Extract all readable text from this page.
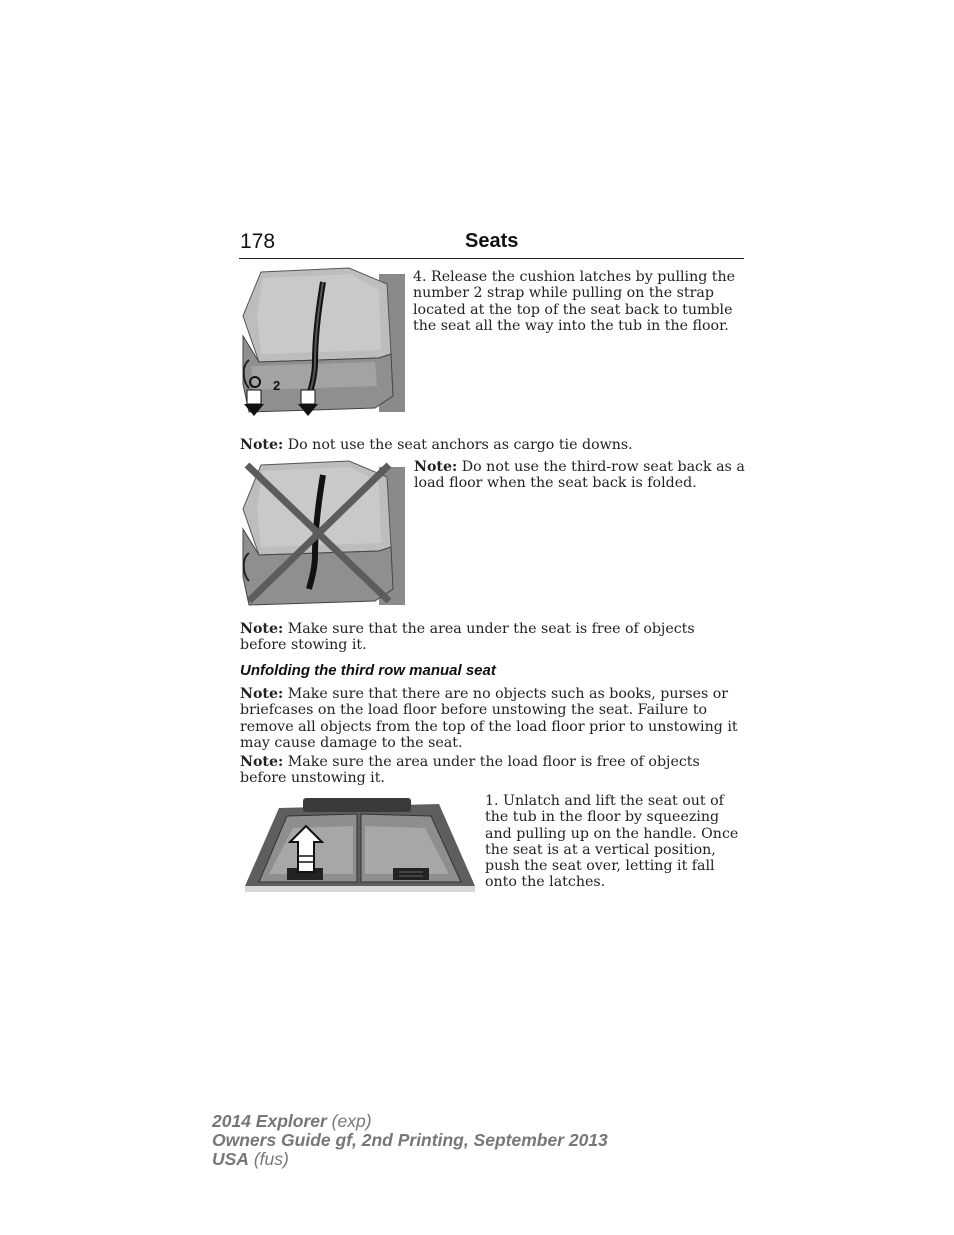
178	Seats
2
4. Release the cushion latches by pulling the number 2 strap while pulling on the strap located at the top of the seat back to tumble the seat all the way into the tub in the floor.
Note: Do not use the seat anchors as cargo tie downs.
Note: Do not use the third-row seat back as a load floor when the seat back is folded.
Note: Make sure that the area under the seat is free of objects before stowing it.
Unfolding the third row manual seat
Note: Make sure that there are no objects such as books, purses or briefcases on the load floor before unstowing the seat. Failure to remove all objects from the top of the load floor prior to unstowing it may cause damage to the seat.
Note: Make sure the area under the load floor is free of objects before unstowing it.
1. Unlatch and lift the seat out of the tub in the floor by squeezing and pulling up on the handle. Once the seat is at a vertical position, push the seat over, letting it fall onto the latches.
2014 Explorer (exp)
Owners Guide gf, 2nd Printing, September 2013
USA (fus)
